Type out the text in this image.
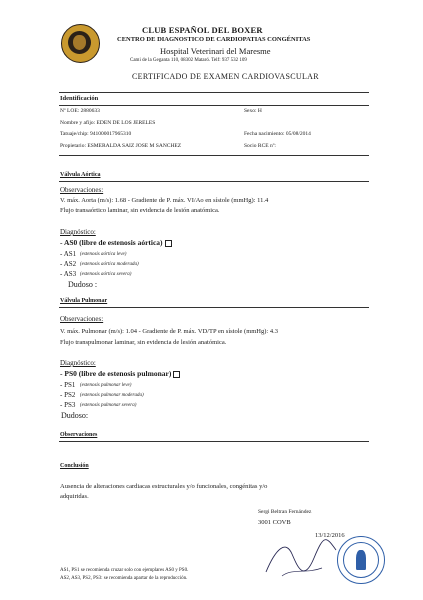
CLUB ESPAÑOL DEL BOXER
CENTRO DE DIAGNOSTICO DE CARDIOPATIAS CONGÉNITAS
Hospital Veterinari del Maresme
Cami de la Geganta 110, 08302 Mataró. Telf: 937 532 109
CERTIFICADO DE EXAMEN CARDIOVASCULAR
Identificación
Nº LOE: 2880633	Sexo: H
Nombre y afijo: EDEN DE LOS JERELES
Tatuaje/chip: 941000017965310	Fecha nacimiento: 05/08/2014
Propietario: ESMERALDA SAIZ JOSE M SANCHEZ	Socio RCE nº:
Válvula Aórtica
Observaciones:
V. máx. Aorta (m/s): 1.68 - Gradiente de P. máx. VI/Ao en sístole (mmHg): 11.4
Flujo transaórtico laminar, sin evidencia de lesión anatómica.
Diagnóstico:
- AS0 (libre de estenosis aórtica)
- AS1 (estenosis aórtica leve)
- AS2 (estenosis aórtica moderada)
- AS3 (estenosis aórtica severa)
Dudoso :
Válvula Pulmonar
Observaciones:
V. máx. Pulmonar (m/s): 1.04 - Gradiente de P. máx. VD/TP en sístole (mmHg): 4.3
Flujo transpulmonar laminar, sin evidencia de lesión anatómica.
Diagnóstico:
- PS0 (libre de estenosis pulmonar)
- PS1 (estenosis pulmonar leve)
- PS2 (estenosis pulmonar moderada)
- PS3 (estenosis pulmonar severa)
Dudoso:
Observaciones
Conclusión
Ausencia de alteraciones cardiacas estructurales y/o funcionales, congénitas y/o
adquiridas.
Sergi Beltran Fernández
3001 COVB
13/12/2016
AS1, PS1 se recomienda cruzar solo con ejemplares AS0 y PS0.
AS2, AS3, PS2, PS3: se recomienda apartar de la reproducción.
